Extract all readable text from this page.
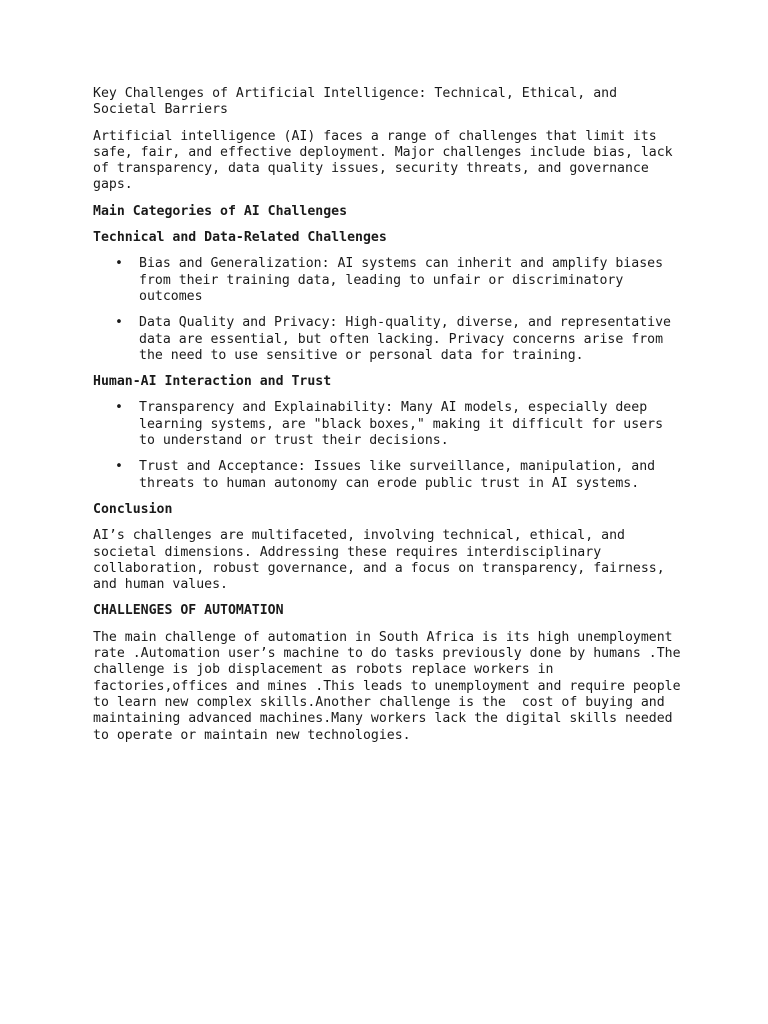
Key Challenges of Artificial Intelligence: Technical, Ethical, and Societal Barriers

Artificial intelligence (AI) faces a range of challenges that limit its safe, fair, and effective deployment. Major challenges include bias, lack of transparency, data quality issues, security threats, and governance gaps.

Main Categories of AI Challenges

Technical and Data-Related Challenges

• Bias and Generalization: AI systems can inherit and amplify biases from their training data, leading to unfair or discriminatory outcomes
• Data Quality and Privacy: High-quality, diverse, and representative data are essential, but often lacking. Privacy concerns arise from the need to use sensitive or personal data for training.

Human-AI Interaction and Trust

• Transparency and Explainability: Many AI models, especially deep learning systems, are "black boxes," making it difficult for users to understand or trust their decisions.
• Trust and Acceptance: Issues like surveillance, manipulation, and threats to human autonomy can erode public trust in AI systems.

Conclusion

AI’s challenges are multifaceted, involving technical, ethical, and societal dimensions. Addressing these requires interdisciplinary collaboration, robust governance, and a focus on transparency, fairness, and human values.

CHALLENGES OF AUTOMATION

The main challenge of automation in South Africa is its high unemployment rate .Automation user’s machine to do tasks previously done by humans .The challenge is job displacement as robots replace workers in factories,offices and mines .This leads to unemployment and require people to learn new complex skills.Another challenge is the  cost of buying and maintaining advanced machines.Many workers lack the digital skills needed to operate or maintain new technologies.
